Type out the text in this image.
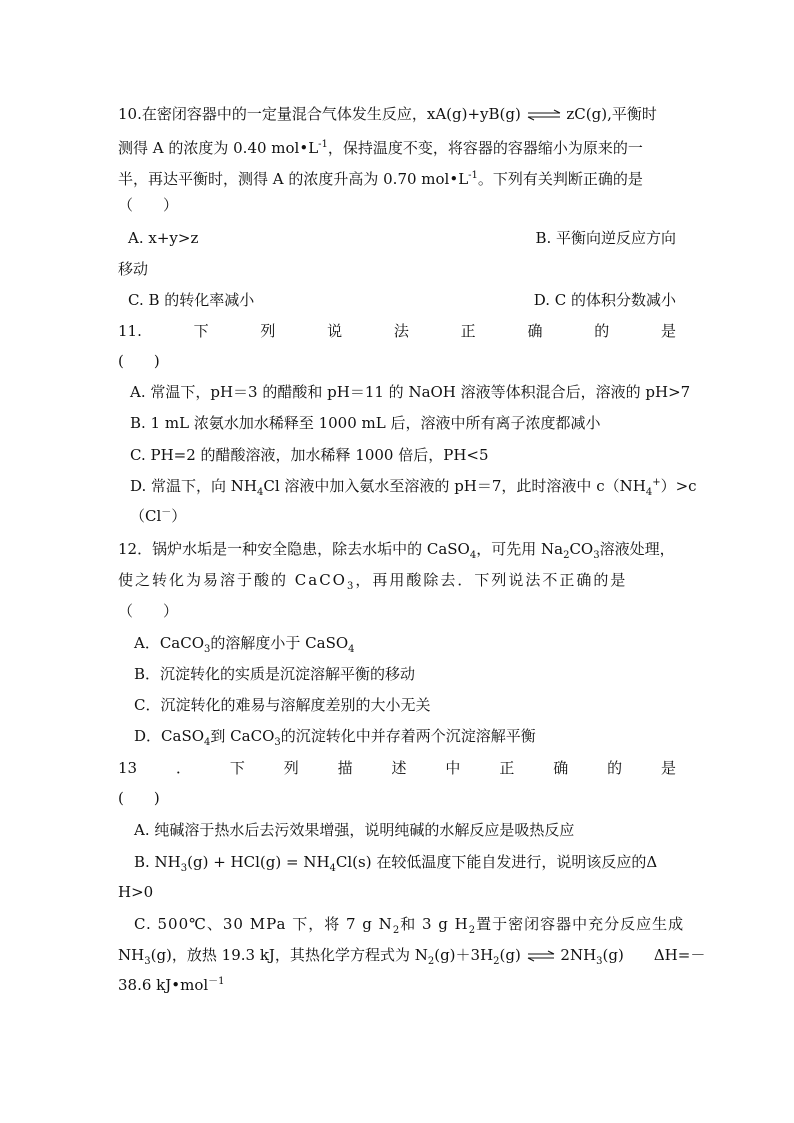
10.在密闭容器中的一定量混合气体发生反应，xA(g)+yB(g) ⇌ zC(g),平衡时
测得 A 的浓度为 0.40 $mol•L^{-1}$，保持温度不变，将容器的容器缩小为原来的一
半，再达平衡时，测得 A 的浓度升高为 0.70 $mol•L^{-1}$。下列有关判断正确的是
（　　）
A. x+y>z	B. 平衡向逆反应方向
移动
C. B 的转化率减小	D. C 的体积分数减小
11.	下	列	说	法	正	确	的	是
(　　)
A. 常温下，pH＝3 的醋酸和 pH＝11 的 NaOH 溶液等体积混合后，溶液的 pH>7
B. 1 mL 浓氨水加水稀释至 1000 mL 后，溶液中所有离子浓度都减小
C. PH=2 的醋酸溶液，加水稀释 1000 倍后，PH<5
D. 常温下，向 $NH_4Cl$ 溶液中加入氨水至溶液的 pH＝7，此时溶液中 $c(NH_4^+)>c$
（Cl－）
12．锅炉水垢是一种安全隐患，除去水垢中的 CaSO$_4$，可先用 $Na_2CO_3$溶液处理，
使之转化为易溶于酸的 CaCO$_3$，再用酸除去．下列说法不正确的是
（　　）
A．CaCO$_3$的溶解度小于 CaSO$_4$
B．沉淀转化的实质是沉淀溶解平衡的移动
C．沉淀转化的难易与溶解度差别的大小无关
D．CaSO$_4$到 CaCO$_3$的沉淀转化中并存着两个沉淀溶解平衡
13	．	下	列	描	述	中	正	确	的	是
(　　)
A. 纯碱溶于热水后去污效果增强，说明纯碱的水解反应是吸热反应
B. $NH_3(g) + HCl(g) = NH_4Cl(s)$ 在较低温度下能自发进行，说明该反应的Δ
H>0
C. 500℃、30 MPa 下，将 7 g $N_2$和 3 g $H_2$置于密闭容器中充分反应生成
$NH_3(g)$，放热 19.3 kJ，其热化学方程式为 $N_2(g)+3H_2(g)$ ⇌ $2NH_3(g)$　　ΔH=－
38.6 kJ•mol$^{-1}$
